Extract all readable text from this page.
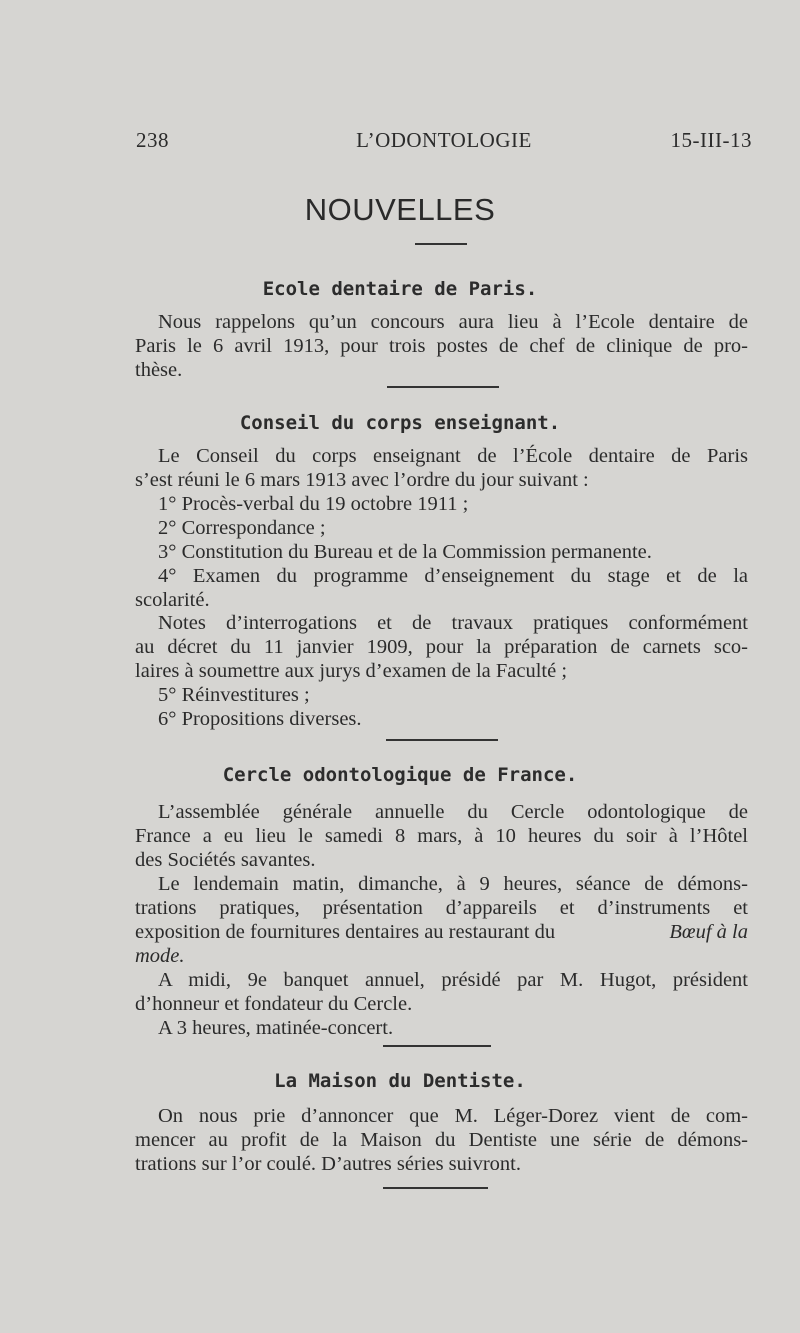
238	L’ODONTOLOGIE	15-III-13
NOUVELLES
Ecole dentaire de Paris.
Nous rappelons qu’un concours aura lieu à l’Ecole dentaire de
Paris le 6 avril 1913, pour trois postes de chef de clinique de pro-
thèse.
Conseil du corps enseignant.
Le Conseil du corps enseignant de l’École dentaire de Paris
s’est réuni le 6 mars 1913 avec l’ordre du jour suivant :
1° Procès-verbal du 19 octobre 1911 ;
2° Correspondance ;
3° Constitution du Bureau et de la Commission permanente.
4° Examen du programme d’enseignement du stage et de la
scolarité.
Notes d’interrogations et de travaux pratiques conformément
au décret du 11 janvier 1909, pour la préparation de carnets sco-
laires à soumettre aux jurys d’examen de la Faculté ;
5° Réinvestitures ;
6° Propositions diverses.
Cercle odontologique de France.
L’assemblée générale annuelle du Cercle odontologique de
France a eu lieu le samedi 8 mars, à 10 heures du soir à l’Hôtel
des Sociétés savantes.
Le lendemain matin, dimanche, à 9 heures, séance de démons-
trations pratiques, présentation d’appareils et d’instruments et
exposition de fournitures dentaires au restaurant du	Bœuf à la
mode.
A midi, 9e banquet annuel, présidé par M. Hugot, président
d’honneur et fondateur du Cercle.
A 3 heures, matinée-concert.
La Maison du Dentiste.
On nous prie d’annoncer que M. Léger-Dorez vient de com-
mencer au profit de la Maison du Dentiste une série de démons-
trations sur l’or coulé. D’autres séries suivront.
